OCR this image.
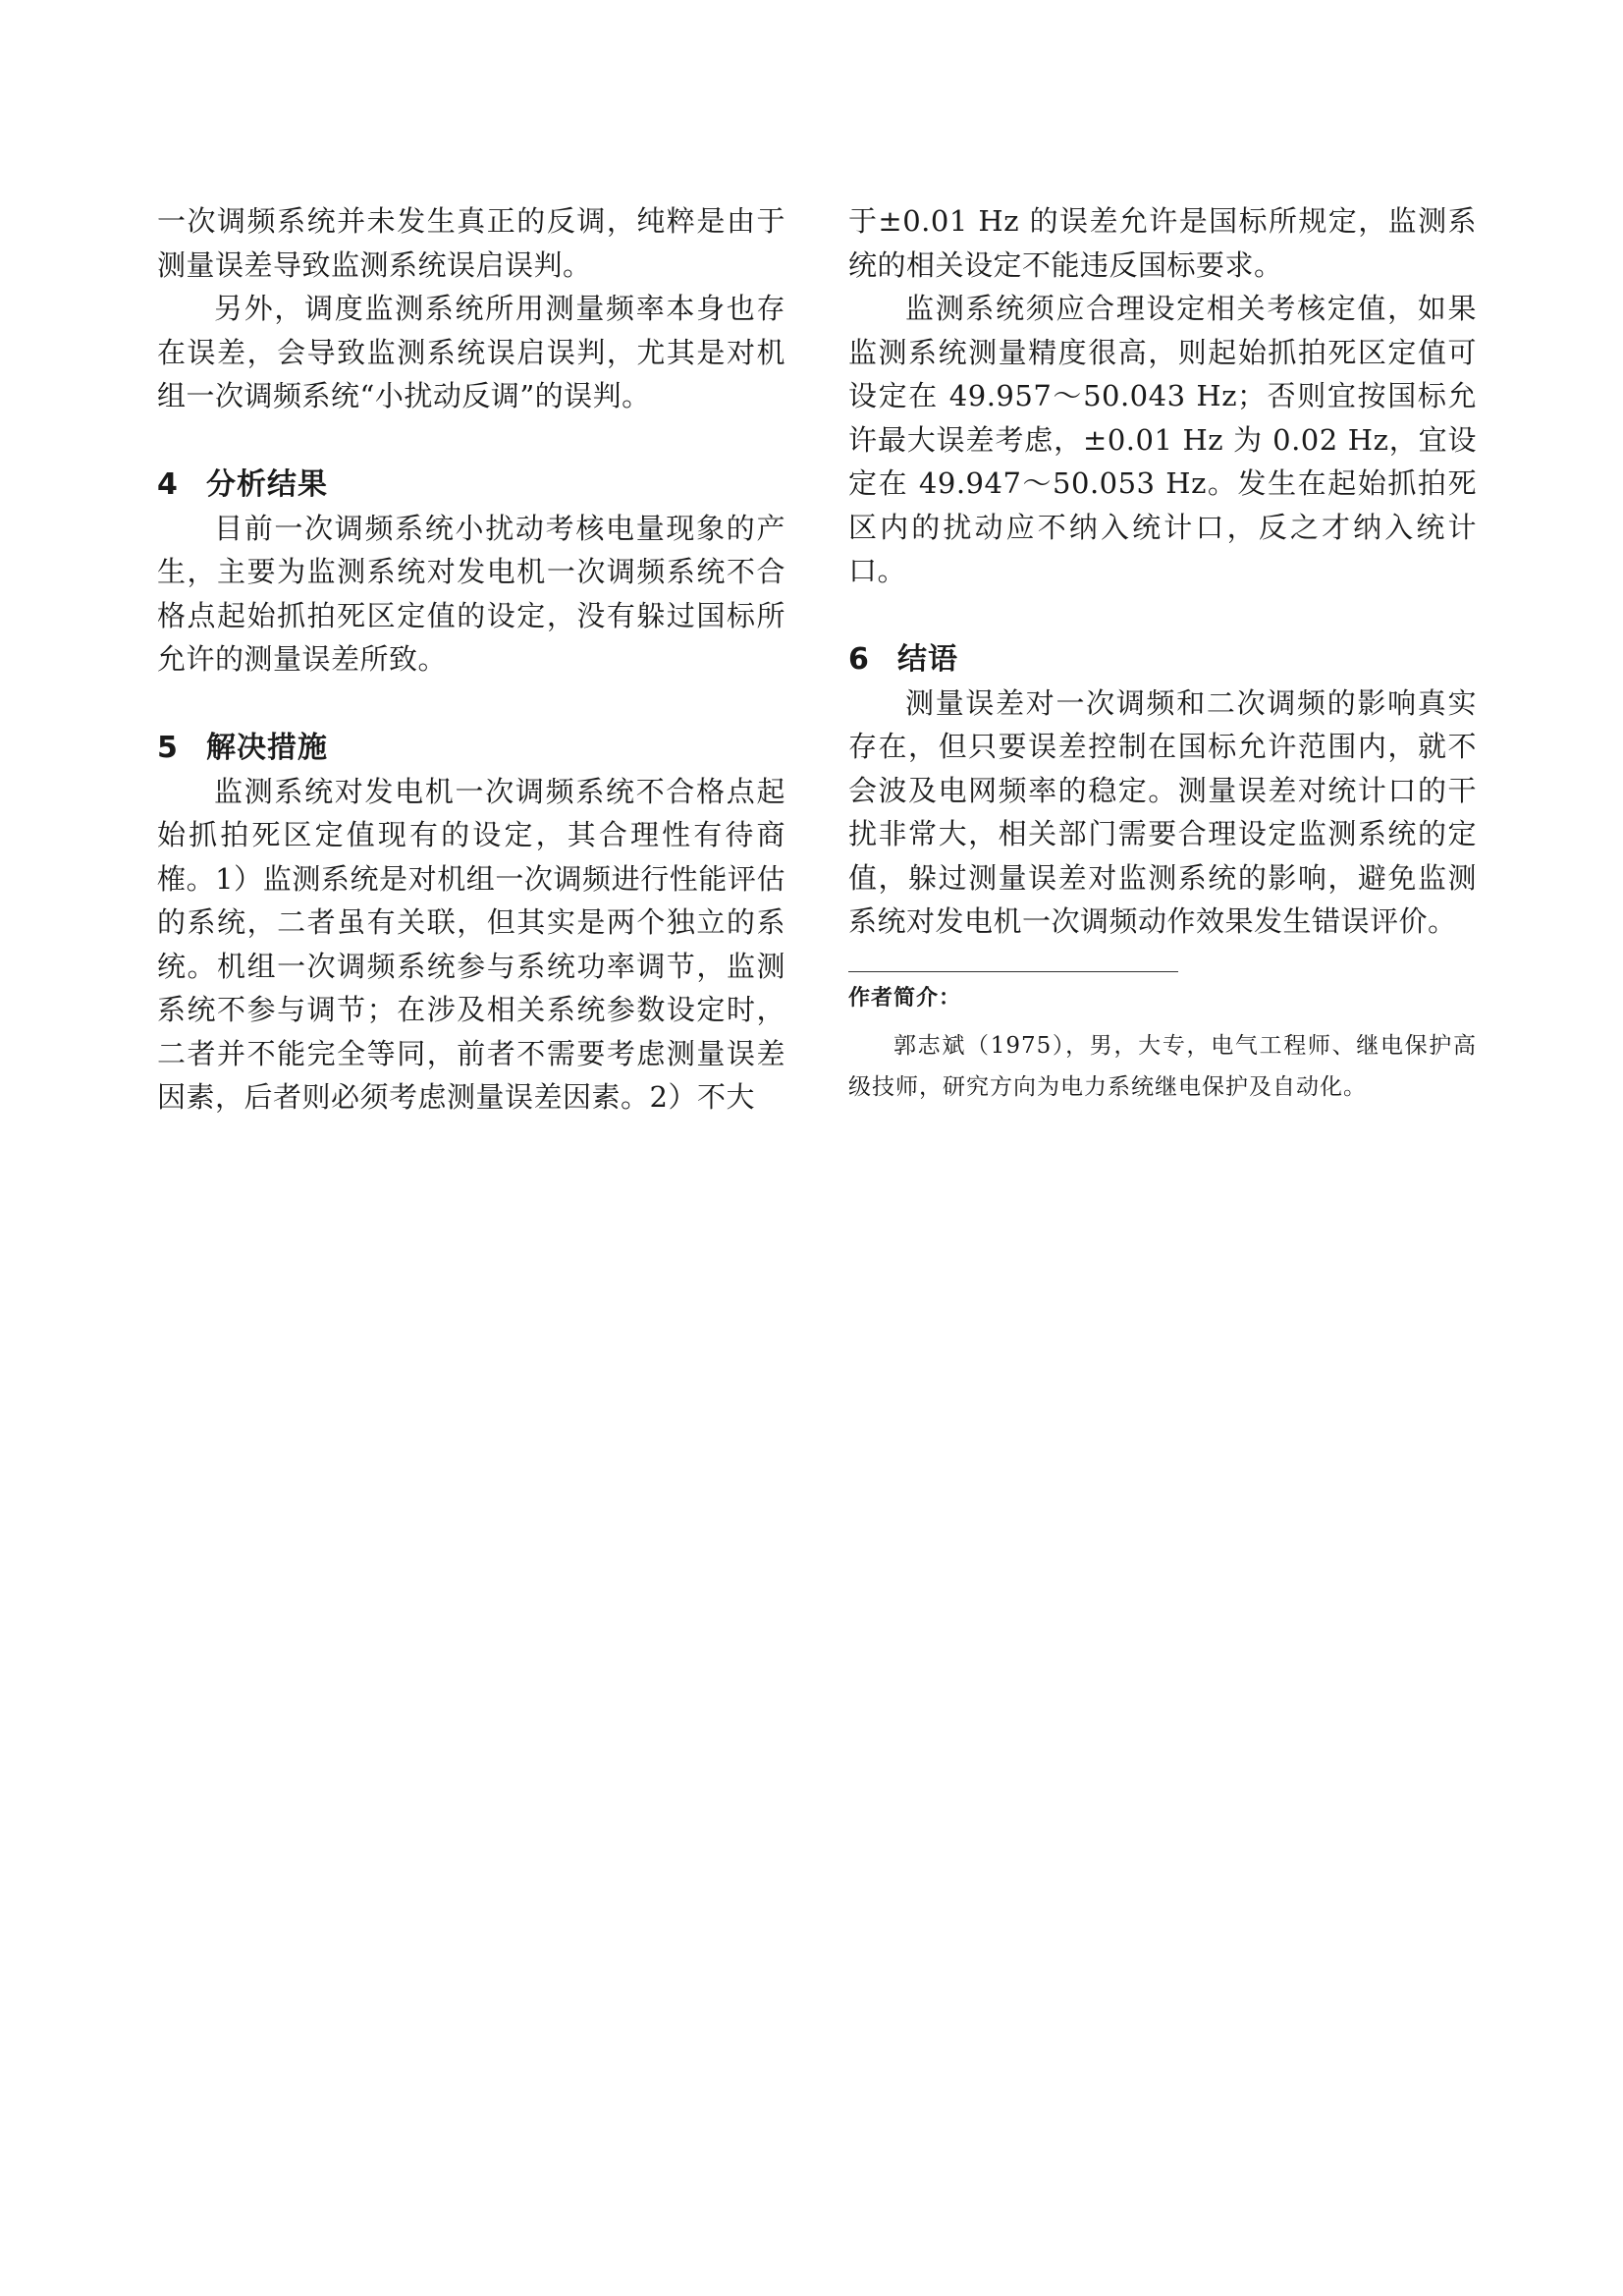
一次调频系统并未发生真正的反调，纯粹是由于测量误差导致监测系统误启误判。

另外，调度监测系统所用测量频率本身也存在误差，会导致监测系统误启误判，尤其是对机组一次调频系统“小扰动反调”的误判。

4 分析结果

目前一次调频系统小扰动考核电量现象的产生，主要为监测系统对发电机一次调频系统不合格点起始抓拍死区定值的设定，没有躲过国标所允许的测量误差所致。

5 解决措施

监测系统对发电机一次调频系统不合格点起始抓拍死区定值现有的设定，其合理性有待商榷。1）监测系统是对机组一次调频进行性能评估的系统，二者虽有关联，但其实是两个独立的系统。机组一次调频系统参与系统功率调节，监测系统不参与调节；在涉及相关系统参数设定时，二者并不能完全等同，前者不需要考虑测量误差因素，后者则必须考虑测量误差因素。2）不大

于±0.01 Hz 的误差允许是国标所规定，监测系统的相关设定不能违反国标要求。

监测系统须应合理设定相关考核定值，如果监测系统测量精度很高，则起始抓拍死区定值可设定在 49.957～50.043 Hz；否则宜按国标允许最大误差考虑，±0.01 Hz 为 0.02 Hz，宜设定在 49.947～50.053 Hz。发生在起始抓拍死区内的扰动应不纳入统计口，反之才纳入统计口。

6 结语

测量误差对一次调频和二次调频的影响真实存在，但只要误差控制在国标允许范围内，就不会波及电网频率的稳定。测量误差对统计口的干扰非常大，相关部门需要合理设定监测系统的定值，躲过测量误差对监测系统的影响，避免监测系统对发电机一次调频动作效果发生错误评价。

作者简介：

郭志斌（1975），男，大专，电气工程师、继电保护高级技师，研究方向为电力系统继电保护及自动化。
